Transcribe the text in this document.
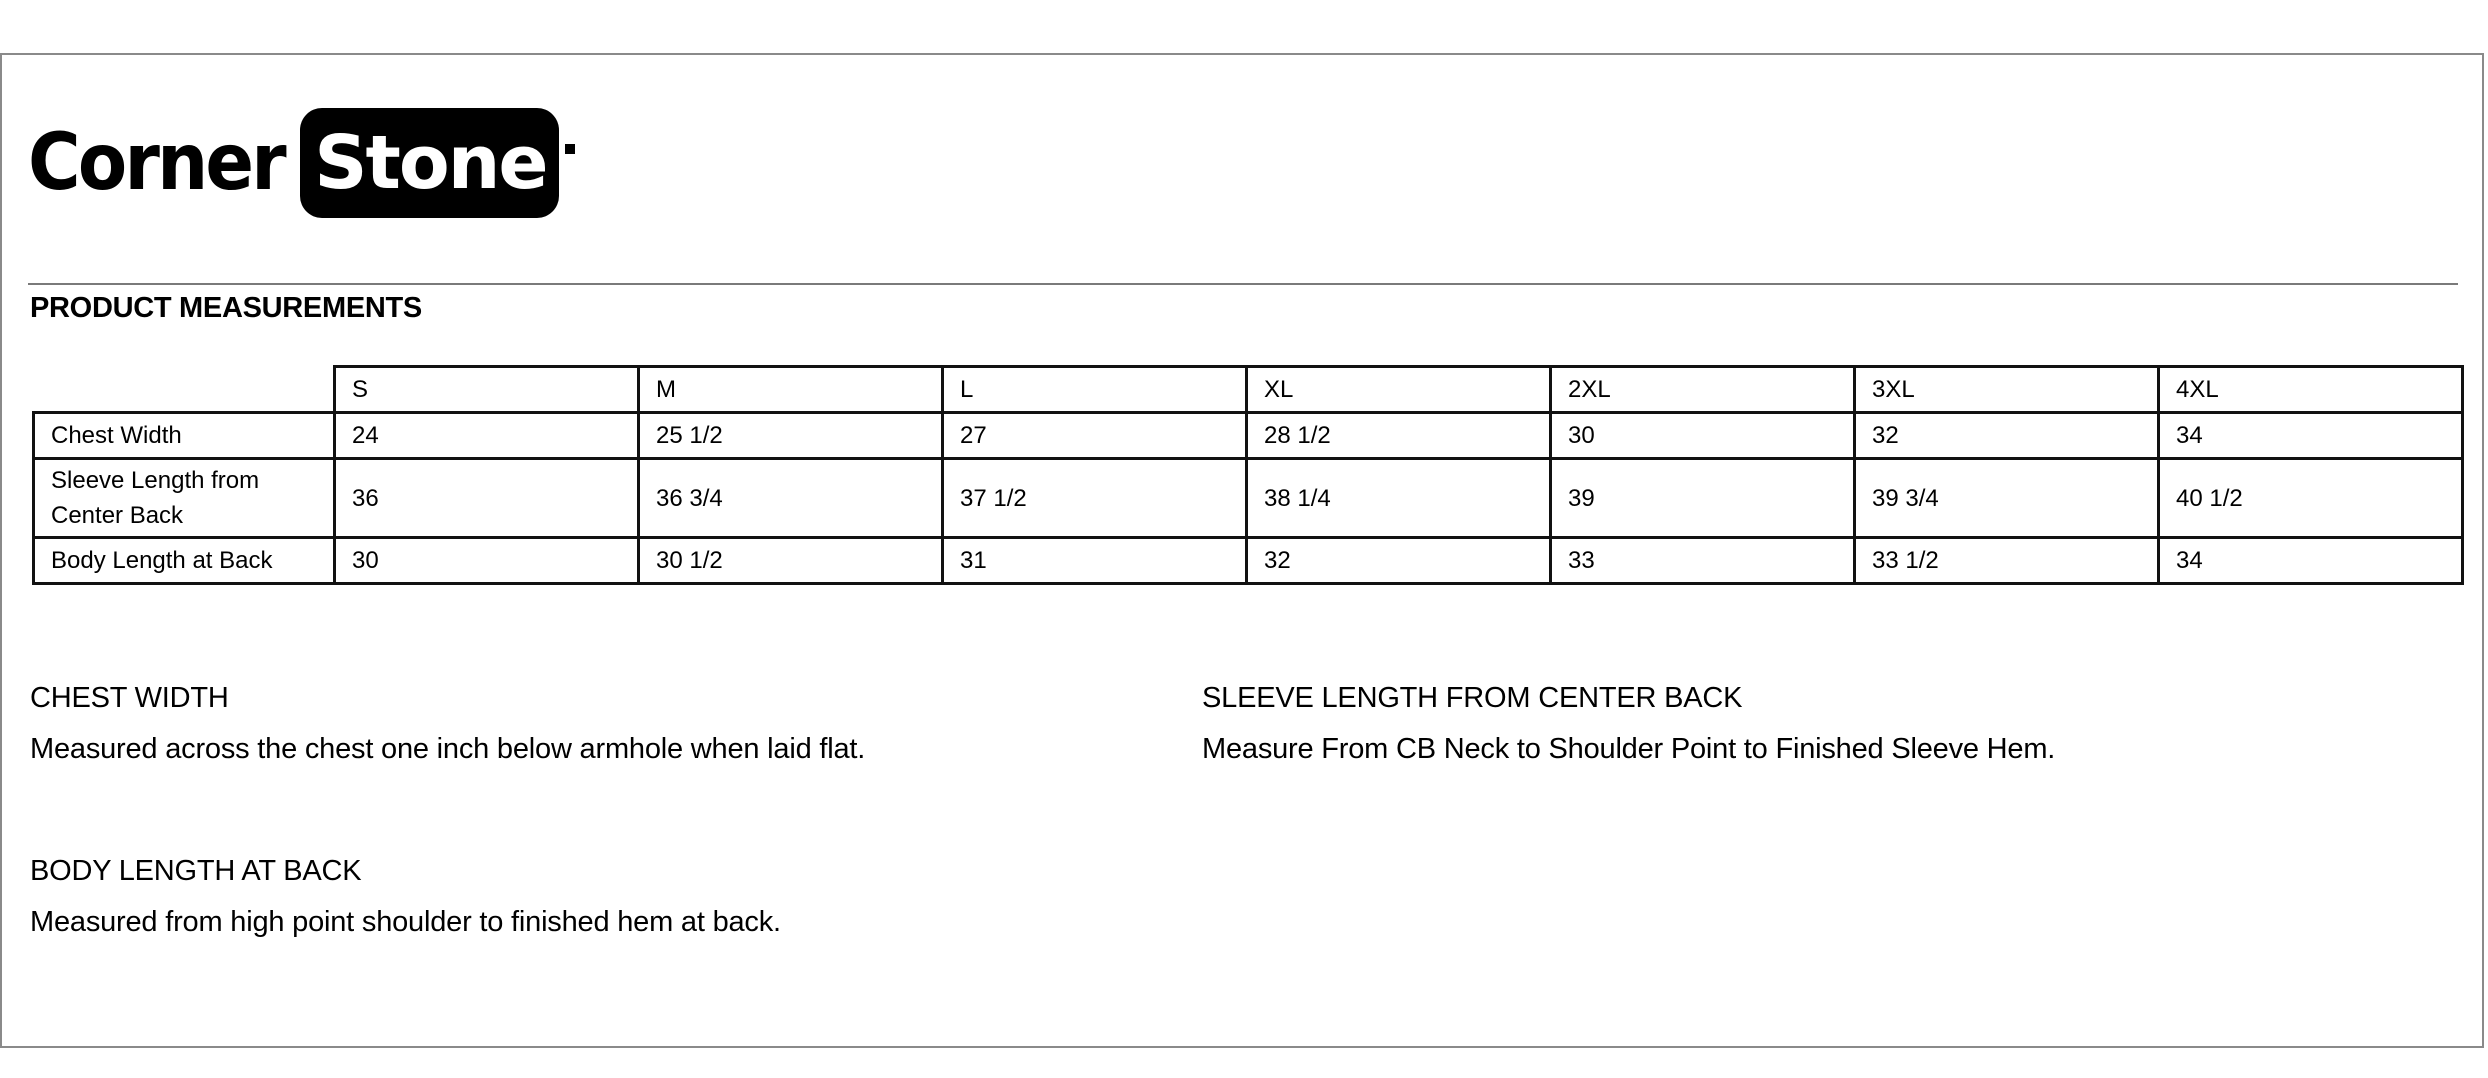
Corner Stone
PRODUCT MEASUREMENTS
	S	M	L	XL	2XL	3XL	4XL
Chest Width	24	25 1/2	27	28 1/2	30	32	34
Sleeve Length from
Center Back	36	36 3/4	37 1/2	38 1/4	39	39 3/4	40 1/2
Body Length at Back	30	30 1/2	31	32	33	33 1/2	34
CHEST WIDTH
Measured across the chest one inch below armhole when laid flat.
SLEEVE LENGTH FROM CENTER BACK
Measure From CB Neck to Shoulder Point to Finished Sleeve Hem.
BODY LENGTH AT BACK
Measured from high point shoulder to finished hem at back.
